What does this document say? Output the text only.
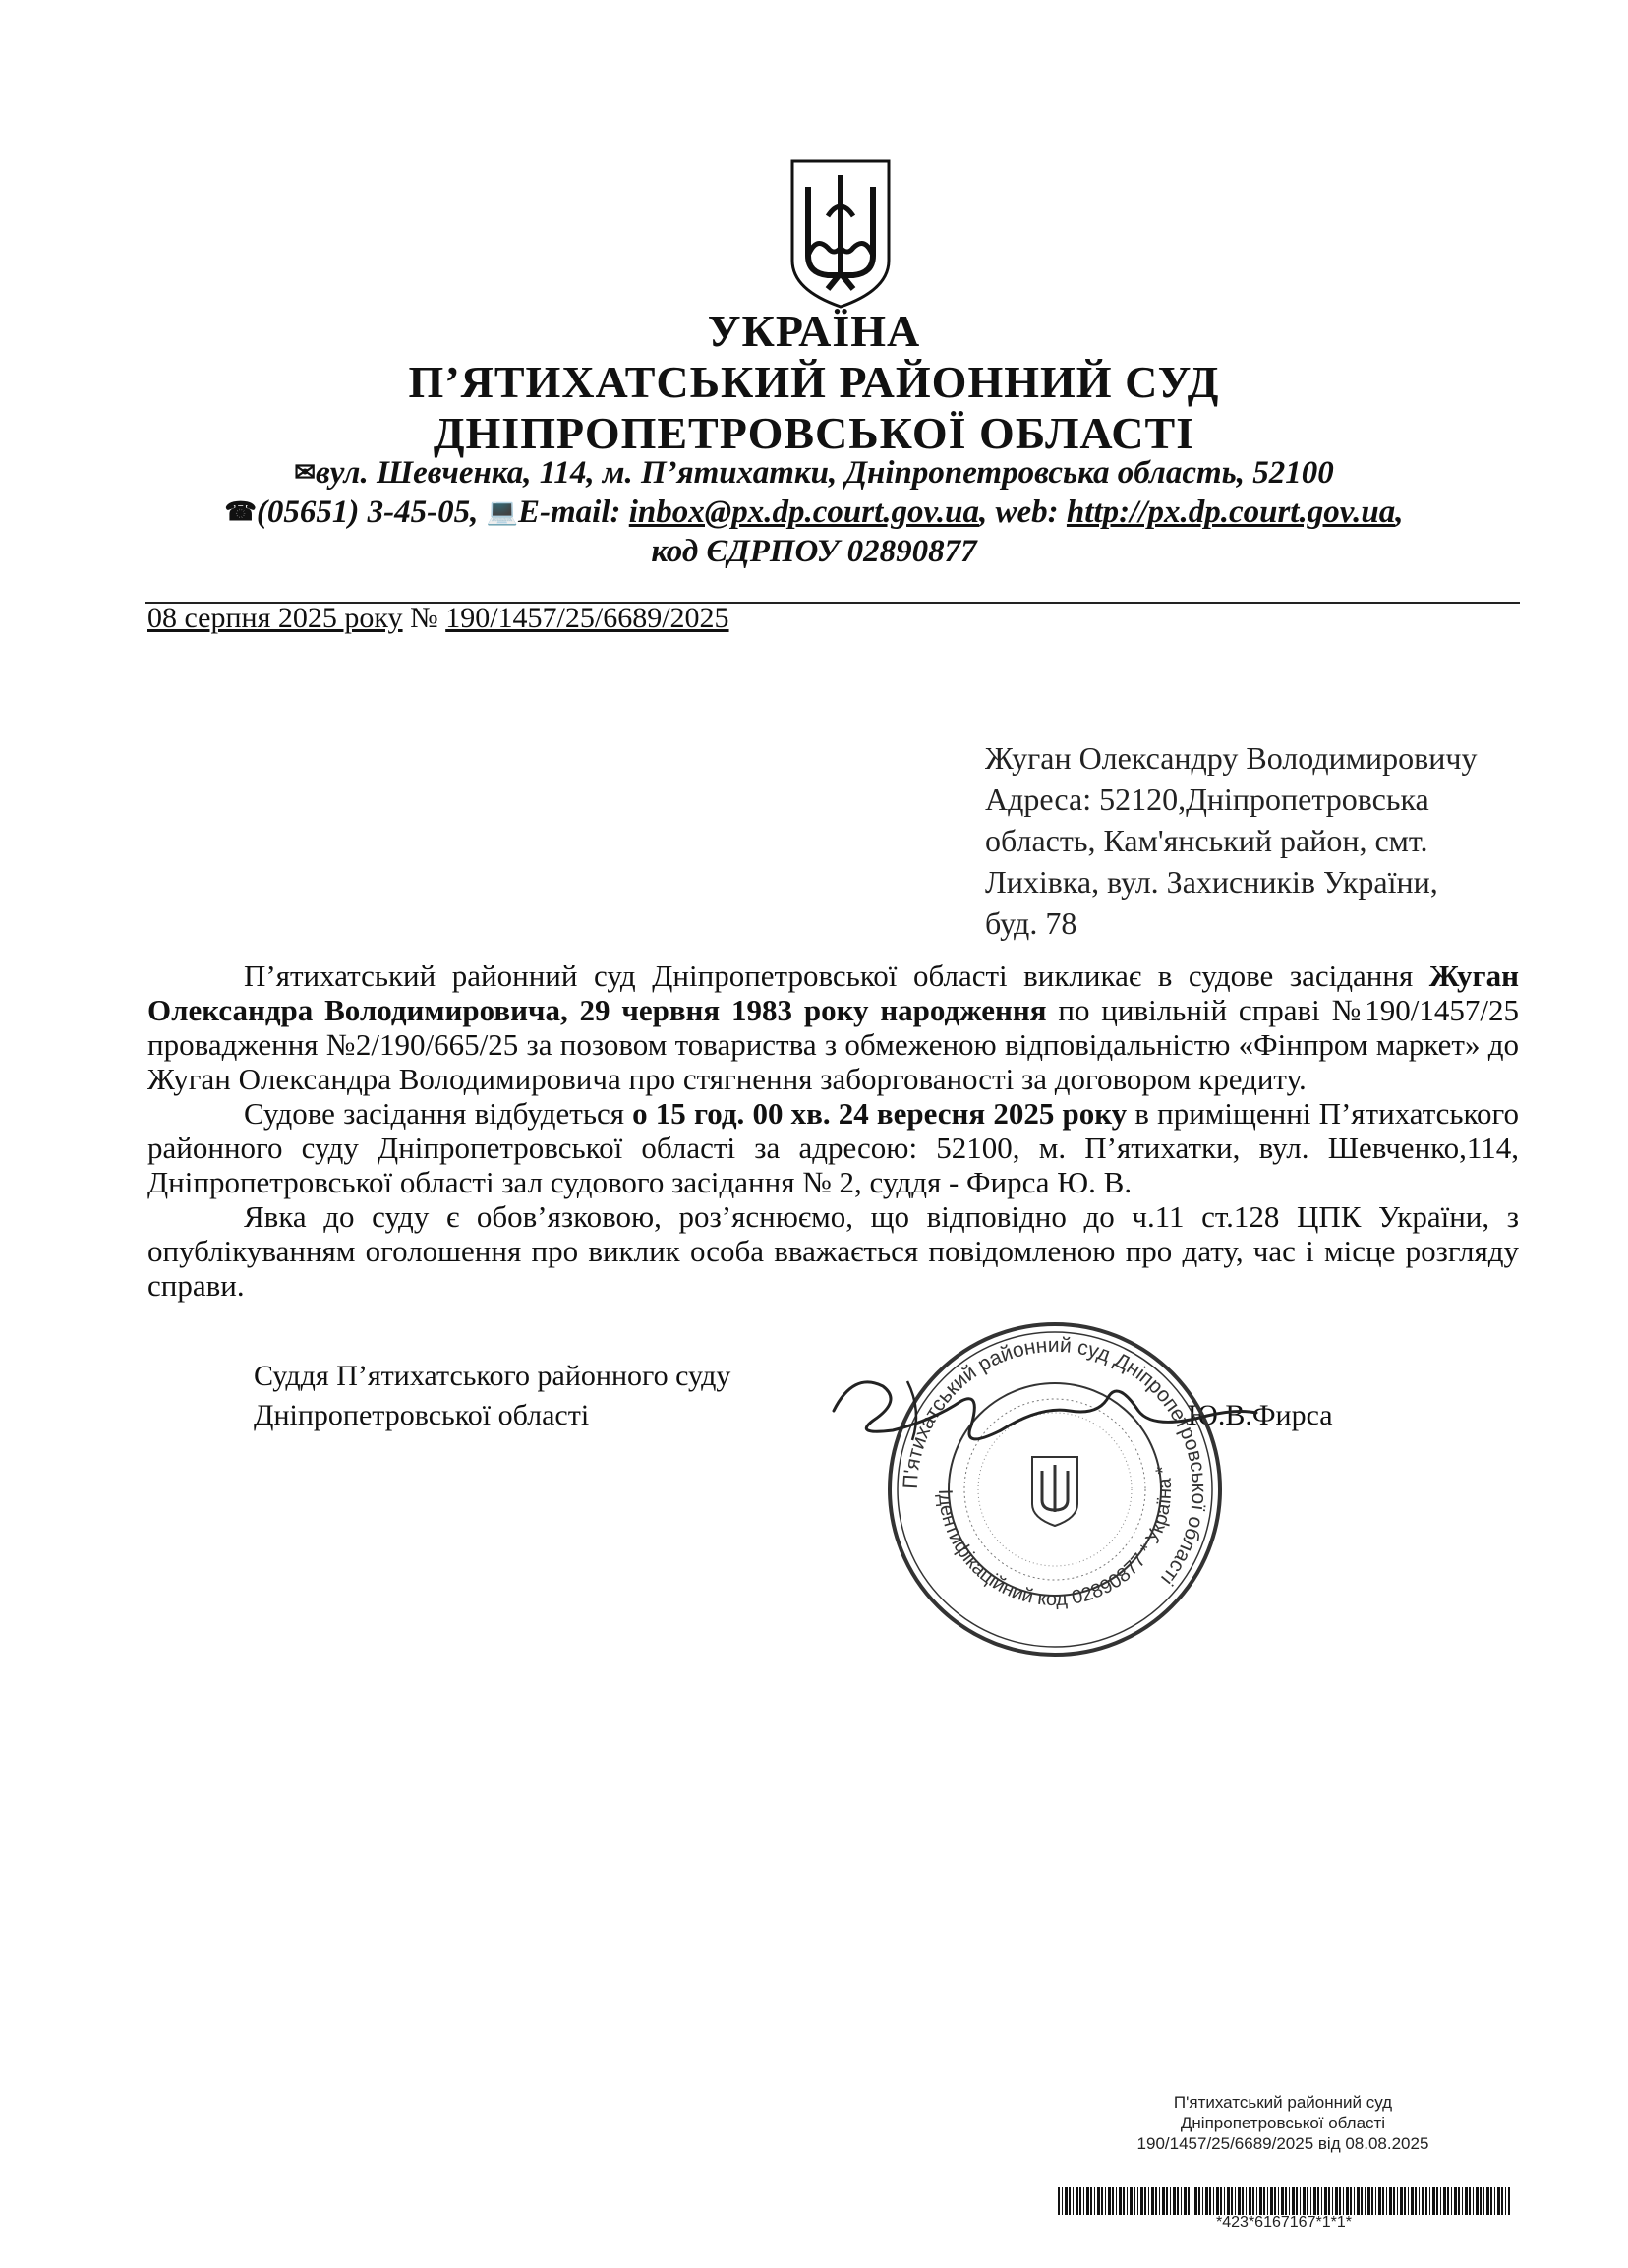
УКРАЇНА
П’ЯТИХАТСЬКИЙ РАЙОННИЙ СУД
ДНІПРОПЕТРОВСЬКОЇ ОБЛАСТІ
✉вул. Шевченка, 114, м. П’ятихатки, Дніпропетровська область, 52100
☎(05651) 3-45-05, 💻E-mail: inbox@px.dp.court.gov.ua, web: http://px.dp.court.gov.ua,
код ЄДРПОУ 02890877
08 серпня 2025 року № 190/1457/25/6689/2025
Жуган Олександру Володимировичу
Адреса: 52120,Дніпропетровська
область, Кам'янський район, смт.
Лихівка, вул. Захисників України,
буд. 78

П’ятихатський районний суд Дніпропетровської області викликає в судове засідання Жуган Олександра Володимировича, 29 червня 1983 року народження по цивільній справі №190/1457/25 провадження №2/190/665/25 за позовом товариства з обмеженою відповідальністю «Фінпром маркет» до Жуган Олександра Володимировича про стягнення заборгованості за договором кредиту.

Судове засідання відбудеться о 15 год. 00 хв. 24 вересня 2025 року в приміщенні П’ятихатського районного суду Дніпропетровської області за адресою: 52100, м. П’ятихатки, вул. Шевченко,114, Дніпропетровської області зал судового засідання № 2, суддя - Фирса Ю. В.

Явка до суду є обов’язковою, роз’яснюємо, що відповідно до ч.11 ст.128 ЦПК України, з опублікуванням оголошення про виклик особа вважається повідомленою про дату, час і місце розгляду справи.

Суддя П’ятихатського районного суду
Дніпропетровської області	Ю.В.Фирса
П'ятихатський районний суд Дніпропетровської області
Ідентифікаційний код 02890877 * Україна *
П'ятихатський районний суд
Дніпропетровської області
190/1457/25/6689/2025 від 08.08.2025
*423*6167167*1*1*
